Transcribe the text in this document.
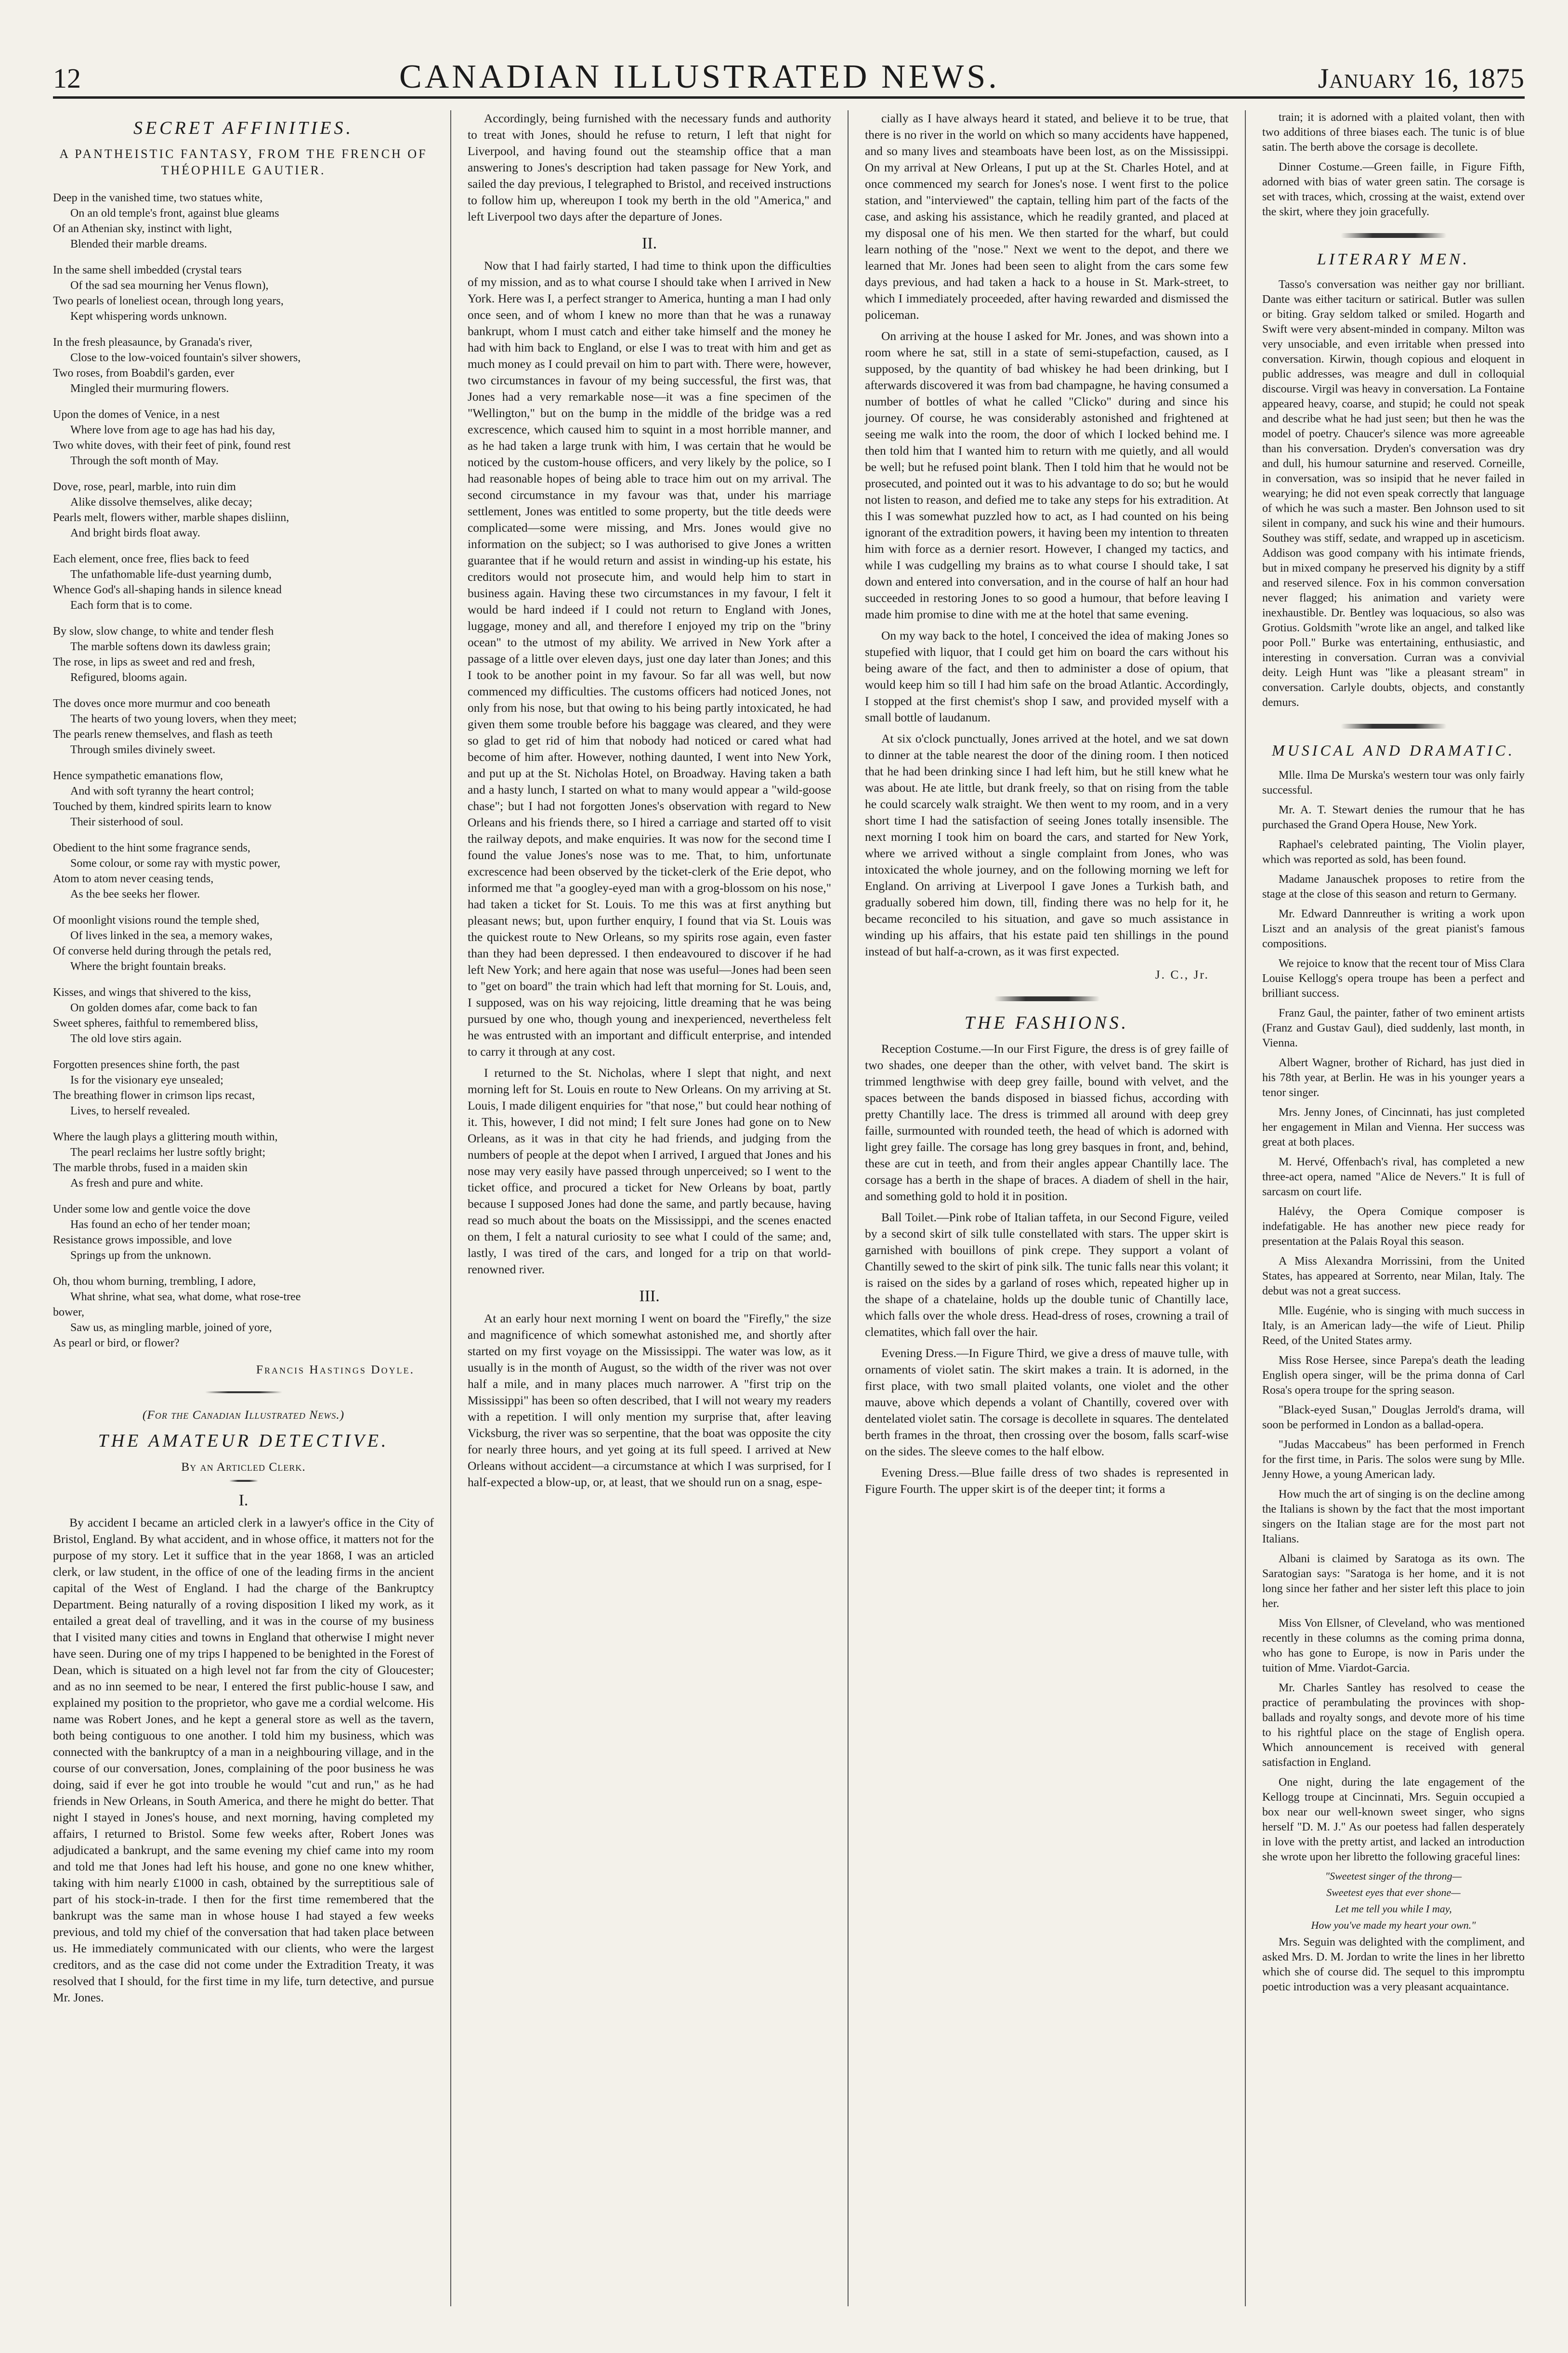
12	CANADIAN ILLUSTRATED NEWS.	January 16, 1875
SECRET AFFINITIES.
A PANTHEISTIC FANTASY, FROM THE FRENCH OF THÉOPHILE GAUTIER.
Deep in the vanished time, two statues white,
On an old temple's front, against blue gleams
Of an Athenian sky, instinct with light,
Blended their marble dreams.
In the same shell imbedded (crystal tears
Of the sad sea mourning her Venus flown),
Two pearls of loneliest ocean, through long years,
Kept whispering words unknown.
In the fresh pleasaunce, by Granada's river,
Close to the low-voiced fountain's silver showers,
Two roses, from Boabdil's garden, ever
Mingled their murmuring flowers.
Upon the domes of Venice, in a nest
Where love from age to age has had his day,
Two white doves, with their feet of pink, found rest
Through the soft month of May.
Dove, rose, pearl, marble, into ruin dim
Alike dissolve themselves, alike decay;
Pearls melt, flowers wither, marble shapes disliinn,
And bright birds float away.
Each element, once free, flies back to feed
The unfathomable life-dust yearning dumb,
Whence God's all-shaping hands in silence knead
Each form that is to come.
By slow, slow change, to white and tender flesh
The marble softens down its dawless grain;
The rose, in lips as sweet and red and fresh,
Refigured, blooms again.
The doves once more murmur and coo beneath
The hearts of two young lovers, when they meet;
The pearls renew themselves, and flash as teeth
Through smiles divinely sweet.
Hence sympathetic emanations flow,
And with soft tyranny the heart control;
Touched by them, kindred spirits learn to know
Their sisterhood of soul.
Obedient to the hint some fragrance sends,
Some colour, or some ray with mystic power,
Atom to atom never ceasing tends,
As the bee seeks her flower.
Of moonlight visions round the temple shed,
Of lives linked in the sea, a memory wakes,
Of converse held during through the petals red,
Where the bright fountain breaks.
Kisses, and wings that shivered to the kiss,
On golden domes afar, come back to fan
Sweet spheres, faithful to remembered bliss,
The old love stirs again.
Forgotten presences shine forth, the past
Is for the visionary eye unsealed;
The breathing flower in crimson lips recast,
Lives, to herself revealed.
Where the laugh plays a glittering mouth within,
The pearl reclaims her lustre softly bright;
The marble throbs, fused in a maiden skin
As fresh and pure and white.
Under some low and gentle voice the dove
Has found an echo of her tender moan;
Resistance grows impossible, and love
Springs up from the unknown.
Oh, thou whom burning, trembling, I adore,
What shrine, what sea, what dome, what rose-tree
bower,
Saw us, as mingling marble, joined of yore,
As pearl or bird, or flower?
Francis Hastings Doyle.
(For the Canadian Illustrated News.)
THE AMATEUR DETECTIVE.
By an Articled Clerk.
I.

By accident I became an articled clerk in a lawyer's office in the City of Bristol, England. By what accident, and in whose office, it matters not for the purpose of my story. Let it suffice that in the year 1868, I was an articled clerk, or law student, in the office of one of the leading firms in the ancient capital of the West of England. I had the charge of the Bankruptcy Department. Being naturally of a roving disposition I liked my work, as it entailed a great deal of travelling, and it was in the course of my business that I visited many cities and towns in England that otherwise I might never have seen. During one of my trips I happened to be benighted in the Forest of Dean, which is situated on a high level not far from the city of Gloucester; and as no inn seemed to be near, I entered the first public-house I saw, and explained my position to the proprietor, who gave me a cordial welcome. His name was Robert Jones, and he kept a general store as well as the tavern, both being contiguous to one another. I told him my business, which was connected with the bankruptcy of a man in a neighbouring village, and in the course of our conversation, Jones, complaining of the poor business he was doing, said if ever he got into trouble he would "cut and run," as he had friends in New Orleans, in South America, and there he might do better. That night I stayed in Jones's house, and next morning, having completed my affairs, I returned to Bristol. Some few weeks after, Robert Jones was adjudicated a bankrupt, and the same evening my chief came into my room and told me that Jones had left his house, and gone no one knew whither, taking with him nearly £1000 in cash, obtained by the surreptitious sale of part of his stock-in-trade. I then for the first time remembered that the bankrupt was the same man in whose house I had stayed a few weeks previous, and told my chief of the conversation that had taken place between us. He immediately communicated with our clients, who were the largest creditors, and as the case did not come under the Extradition Treaty, it was resolved that I should, for the first time in my life, turn detective, and pursue Mr. Jones.

Accordingly, being furnished with the necessary funds and authority to treat with Jones, should he refuse to return, I left that night for Liverpool, and having found out the steamship office that a man answering to Jones's description had taken passage for New York, and sailed the day previous, I telegraphed to Bristol, and received instructions to follow him up, whereupon I took my berth in the old "America," and left Liverpool two days after the departure of Jones.

II.

Now that I had fairly started, I had time to think upon the difficulties of my mission, and as to what course I should take when I arrived in New York. Here was I, a perfect stranger to America, hunting a man I had only once seen, and of whom I knew no more than that he was a runaway bankrupt, whom I must catch and either take himself and the money he had with him back to England, or else I was to treat with him and get as much money as I could prevail on him to part with. There were, however, two circumstances in favour of my being successful, the first was, that Jones had a very remarkable nose—it was a fine specimen of the "Wellington," but on the bump in the middle of the bridge was a red excrescence, which caused him to squint in a most horrible manner, and as he had taken a large trunk with him, I was certain that he would be noticed by the custom-house officers, and very likely by the police, so I had reasonable hopes of being able to trace him out on my arrival. The second circumstance in my favour was that, under his marriage settlement, Jones was entitled to some property, but the title deeds were complicated—some were missing, and Mrs. Jones would give no information on the subject; so I was authorised to give Jones a written guarantee that if he would return and assist in winding-up his estate, his creditors would not prosecute him, and would help him to start in business again. Having these two circumstances in my favour, I felt it would be hard indeed if I could not return to England with Jones, luggage, money and all, and therefore I enjoyed my trip on the "briny ocean" to the utmost of my ability. We arrived in New York after a passage of a little over eleven days, just one day later than Jones; and this I took to be another point in my favour. So far all was well, but now commenced my difficulties. The customs officers had noticed Jones, not only from his nose, but that owing to his being partly intoxicated, he had given them some trouble before his baggage was cleared, and they were so glad to get rid of him that nobody had noticed or cared what had become of him after. However, nothing daunted, I went into New York, and put up at the St. Nicholas Hotel, on Broadway. Having taken a bath and a hasty lunch, I started on what to many would appear a "wild-goose chase"; but I had not forgotten Jones's observation with regard to New Orleans and his friends there, so I hired a carriage and started off to visit the railway depots, and make enquiries. It was now for the second time I found the value Jones's nose was to me. That, to him, unfortunate excrescence had been observed by the ticket-clerk of the Erie depot, who informed me that "a googley-eyed man with a grog-blossom on his nose," had taken a ticket for St. Louis. To me this was at first anything but pleasant news; but, upon further enquiry, I found that via St. Louis was the quickest route to New Orleans, so my spirits rose again, even faster than they had been depressed. I then endeavoured to discover if he had left New York; and here again that nose was useful—Jones had been seen to "get on board" the train which had left that morning for St. Louis, and, I supposed, was on his way rejoicing, little dreaming that he was being pursued by one who, though young and inexperienced, nevertheless felt he was entrusted with an important and difficult enterprise, and intended to carry it through at any cost.

I returned to the St. Nicholas, where I slept that night, and next morning left for St. Louis en route to New Orleans. On my arriving at St. Louis, I made diligent enquiries for "that nose," but could hear nothing of it. This, however, I did not mind; I felt sure Jones had gone on to New Orleans, as it was in that city he had friends, and judging from the numbers of people at the depot when I arrived, I argued that Jones and his nose may very easily have passed through unperceived; so I went to the ticket office, and procured a ticket for New Orleans by boat, partly because I supposed Jones had done the same, and partly because, having read so much about the boats on the Mississippi, and the scenes enacted on them, I felt a natural curiosity to see what I could of the same; and, lastly, I was tired of the cars, and longed for a trip on that world-renowned river.

III.

At an early hour next morning I went on board the "Firefly," the size and magnificence of which somewhat astonished me, and shortly after started on my first voyage on the Mississippi. The water was low, as it usually is in the month of August, so the width of the river was not over half a mile, and in many places much narrower. A "first trip on the Mississippi" has been so often described, that I will not weary my readers with a repetition. I will only mention my surprise that, after leaving Vicksburg, the river was so serpentine, that the boat was opposite the city for nearly three hours, and yet going at its full speed. I arrived at New Orleans without accident—a circumstance at which I was surprised, for I half-expected a blow-up, or, at least, that we should run on a snag, espe-

cially as I have always heard it stated, and believe it to be true, that there is no river in the world on which so many accidents have happened, and so many lives and steamboats have been lost, as on the Mississippi. On my arrival at New Orleans, I put up at the St. Charles Hotel, and at once commenced my search for Jones's nose. I went first to the police station, and "interviewed" the captain, telling him part of the facts of the case, and asking his assistance, which he readily granted, and placed at my disposal one of his men. We then started for the wharf, but could learn nothing of the "nose." Next we went to the depot, and there we learned that Mr. Jones had been seen to alight from the cars some few days previous, and had taken a hack to a house in St. Mark-street, to which I immediately proceeded, after having rewarded and dismissed the policeman.

On arriving at the house I asked for Mr. Jones, and was shown into a room where he sat, still in a state of semi-stupefaction, caused, as I supposed, by the quantity of bad whiskey he had been drinking, but I afterwards discovered it was from bad champagne, he having consumed a number of bottles of what he called "Clicko" during and since his journey. Of course, he was considerably astonished and frightened at seeing me walk into the room, the door of which I locked behind me. I then told him that I wanted him to return with me quietly, and all would be well; but he refused point blank. Then I told him that he would not be prosecuted, and pointed out it was to his advantage to do so; but he would not listen to reason, and defied me to take any steps for his extradition. At this I was somewhat puzzled how to act, as I had counted on his being ignorant of the extradition powers, it having been my intention to threaten him with force as a dernier resort. However, I changed my tactics, and while I was cudgelling my brains as to what course I should take, I sat down and entered into conversation, and in the course of half an hour had succeeded in restoring Jones to so good a humour, that before leaving I made him promise to dine with me at the hotel that same evening.

On my way back to the hotel, I conceived the idea of making Jones so stupefied with liquor, that I could get him on board the cars without his being aware of the fact, and then to administer a dose of opium, that would keep him so till I had him safe on the broad Atlantic. Accordingly, I stopped at the first chemist's shop I saw, and provided myself with a small bottle of laudanum.

At six o'clock punctually, Jones arrived at the hotel, and we sat down to dinner at the table nearest the door of the dining room. I then noticed that he had been drinking since I had left him, but he still knew what he was about. He ate little, but drank freely, so that on rising from the table he could scarcely walk straight. We then went to my room, and in a very short time I had the satisfaction of seeing Jones totally insensible. The next morning I took him on board the cars, and started for New York, where we arrived without a single complaint from Jones, who was intoxicated the whole journey, and on the following morning we left for England. On arriving at Liverpool I gave Jones a Turkish bath, and gradually sobered him down, till, finding there was no help for it, he became reconciled to his situation, and gave so much assistance in winding up his affairs, that his estate paid ten shillings in the pound instead of but half-a-crown, as it was first expected.

J. C., Jr.
THE FASHIONS.

Reception Costume.—In our First Figure, the dress is of grey faille of two shades, one deeper than the other, with velvet band. The skirt is trimmed lengthwise with deep grey faille, bound with velvet, and the spaces between the bands disposed in biassed fichus, according with pretty Chantilly lace. The dress is trimmed all around with deep grey faille, surmounted with rounded teeth, the head of which is adorned with light grey faille. The corsage has long grey basques in front, and, behind, these are cut in teeth, and from their angles appear Chantilly lace. The corsage has a berth in the shape of braces. A diadem of shell in the hair, and something gold to hold it in position.

Ball Toilet.—Pink robe of Italian taffeta, in our Second Figure, veiled by a second skirt of silk tulle constellated with stars. The upper skirt is garnished with bouillons of pink crepe. They support a volant of Chantilly sewed to the skirt of pink silk. The tunic falls near this volant; it is raised on the sides by a garland of roses which, repeated higher up in the shape of a chatelaine, holds up the double tunic of Chantilly lace, which falls over the whole dress. Head-dress of roses, crowning a trail of clematites, which fall over the hair.

Evening Dress.—In Figure Third, we give a dress of mauve tulle, with ornaments of violet satin. The skirt makes a train. It is adorned, in the first place, with two small plaited volants, one violet and the other mauve, above which depends a volant of Chantilly, covered over with dentelated violet satin. The corsage is decollete in squares. The dentelated berth frames in the throat, then crossing over the bosom, falls scarf-wise on the sides. The sleeve comes to the half elbow.

Evening Dress.—Blue faille dress of two shades is represented in Figure Fourth. The upper skirt is of the deeper tint; it forms a

train; it is adorned with a plaited volant, then with two additions of three biases each. The tunic is of blue satin. The berth above the corsage is decollete.

Dinner Costume.—Green faille, in Figure Fifth, adorned with bias of water green satin. The corsage is set with traces, which, crossing at the waist, extend over the skirt, where they join gracefully.

LITERARY MEN.

Tasso's conversation was neither gay nor brilliant. Dante was either taciturn or satirical. Butler was sullen or biting. Gray seldom talked or smiled. Hogarth and Swift were very absent-minded in company. Milton was very unsociable, and even irritable when pressed into conversation. Kirwin, though copious and eloquent in public addresses, was meagre and dull in colloquial discourse. Virgil was heavy in conversation. La Fontaine appeared heavy, coarse, and stupid; he could not speak and describe what he had just seen; but then he was the model of poetry. Chaucer's silence was more agreeable than his conversation. Dryden's conversation was dry and dull, his humour saturnine and reserved. Corneille, in conversation, was so insipid that he never failed in wearying; he did not even speak correctly that language of which he was such a master. Ben Johnson used to sit silent in company, and suck his wine and their humours. Southey was stiff, sedate, and wrapped up in asceticism. Addison was good company with his intimate friends, but in mixed company he preserved his dignity by a stiff and reserved silence. Fox in his common conversation never flagged; his animation and variety were inexhaustible. Dr. Bentley was loquacious, so also was Grotius. Goldsmith "wrote like an angel, and talked like poor Poll." Burke was entertaining, enthusiastic, and interesting in conversation. Curran was a convivial deity. Leigh Hunt was "like a pleasant stream" in conversation. Carlyle doubts, objects, and constantly demurs.

MUSICAL AND DRAMATIC.

Mlle. Ilma De Murska's western tour was only fairly successful.

Mr. A. T. Stewart denies the rumour that he has purchased the Grand Opera House, New York.

Raphael's celebrated painting, The Violin player, which was reported as sold, has been found.

Madame Janauschek proposes to retire from the stage at the close of this season and return to Germany.

Mr. Edward Dannreuther is writing a work upon Liszt and an analysis of the great pianist's famous compositions.

We rejoice to know that the recent tour of Miss Clara Louise Kellogg's opera troupe has been a perfect and brilliant success.

Franz Gaul, the painter, father of two eminent artists (Franz and Gustav Gaul), died suddenly, last month, in Vienna.

Albert Wagner, brother of Richard, has just died in his 78th year, at Berlin. He was in his younger years a tenor singer.

Mrs. Jenny Jones, of Cincinnati, has just completed her engagement in Milan and Vienna. Her success was great at both places.

M. Hervé, Offenbach's rival, has completed a new three-act opera, named "Alice de Nevers." It is full of sarcasm on court life.

Halévy, the Opera Comique composer is indefatigable. He has another new piece ready for presentation at the Palais Royal this season.

A Miss Alexandra Morrissini, from the United States, has appeared at Sorrento, near Milan, Italy. The debut was not a great success.

Mlle. Eugénie, who is singing with much success in Italy, is an American lady—the wife of Lieut. Philip Reed, of the United States army.

Miss Rose Hersee, since Parepa's death the leading English opera singer, will be the prima donna of Carl Rosa's opera troupe for the spring season.

"Black-eyed Susan," Douglas Jerrold's drama, will soon be performed in London as a ballad-opera.

"Judas Maccabeus" has been performed in French for the first time, in Paris. The solos were sung by Mlle. Jenny Howe, a young American lady.

How much the art of singing is on the decline among the Italians is shown by the fact that the most important singers on the Italian stage are for the most part not Italians.

Albani is claimed by Saratoga as its own. The Saratogian says: "Saratoga is her home, and it is not long since her father and her sister left this place to join her.

Miss Von Ellsner, of Cleveland, who was mentioned recently in these columns as the coming prima donna, who has gone to Europe, is now in Paris under the tuition of Mme. Viardot-Garcia.

Mr. Charles Santley has resolved to cease the practice of perambulating the provinces with shop-ballads and royalty songs, and devote more of his time to his rightful place on the stage of English opera. Which announcement is received with general satisfaction in England.

One night, during the late engagement of the Kellogg troupe at Cincinnati, Mrs. Seguin occupied a box near our well-known sweet singer, who signs herself "D. M. J." As our poetess had fallen desperately in love with the pretty artist, and lacked an introduction she wrote upon her libretto the following graceful lines:

"Sweetest singer of the throng—
Sweetest eyes that ever shone—
Let me tell you while I may,
How you've made my heart your own."

Mrs. Seguin was delighted with the compliment, and asked Mrs. D. M. Jordan to write the lines in her libretto which she of course did. The sequel to this impromptu poetic introduction was a very pleasant acquaintance.
